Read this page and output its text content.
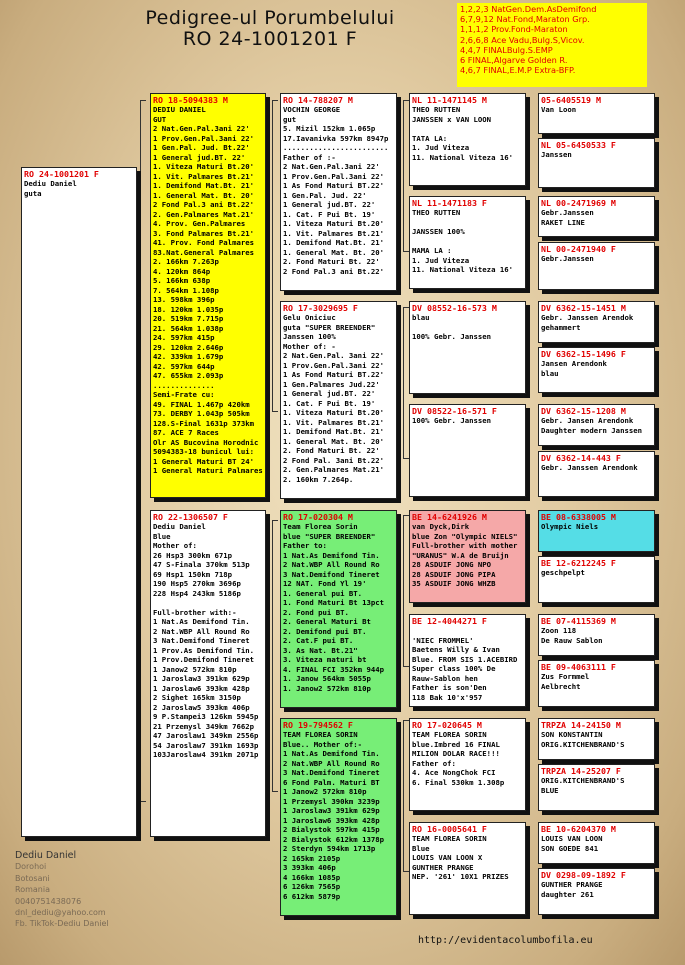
Pedigree-ul Porumbelului
RO 24-1001201 F
1,2,2,3 NatGen.Dem.AsDemifond
6,7,9,12 Nat.Fond,Maraton Grp.
1,1,1,2 Prov.Fond-Maraton
2,6,6,8 Ace Vadu,Bulg.S,Vicov.
4,4,7 FINALBulg.S.EMP
6 FINAL,Algarve Golden R.
4,6,7 FINAL,E.M.P Extra-BFP.
RO 24-1001201 F
Dediu Daniel
guta
RO 18-5094383 M
DEDIU DANIEL
GUT
2 Nat.Gen.Pal.3ani 22'
1 Prov.Gen.Pal.3ani 22'
1 Gen.Pal. Jud. Bt.22'
1 General jud.BT. 22'
1. Viteza Maturi Bt.20'
1. Vit. Palmares Bt.21'
1. Demifond Mat.Bt. 21'
1. General Mat. Bt. 20'
2 Fond Pal.3 ani Bt.22'
2. Gen.Palmares Mat.21'
4. Prov. Gen.Palmares
3. Fond Palmares Bt.21'
41. Prov. Fond Palmares
83.Nat.General Palmares
2. 166km 7.263p
4. 120km 864p
5. 166km 638p
7. 564km 1.108p
13. 598km 396p
18. 120km 1.035p
20. 519km 7.715p
21. 564km 1.038p
24. 597km 415p
29. 120km 2.646p
42. 339km 1.679p
42. 597km 644p
47. 655km 2.093p
..............
Semi-Frate cu:
49. FINAL 1.467p 420km
73. DERBY 1.043p 505km
128.S-Final 1631p 373km
87. ACE 7 Races
Olr AS Bucovina Horodnic
5094383-18 bunicul lui:
1 General Maturi BT 24'
1 General Maturi Palmares
RO 22-1306507 F
Dediu Daniel
Blue
Mother of:
26 Hsp3 300km 671p
47 S-Finala 370km 513p
69 Hsp1 150km 718p
190 Hsp5 270km 3696p
228 Hsp4 243km 5186p

Full-brother with:-
1 Nat.As Demifond Tin.
2 Nat.WBP All Round Ro
3 Nat.Demifond Tineret
1 Prov.As Demifond Tin.
1 Prov.Demifond Tineret
1 Janow2 572km 810p
1 Jaroslaw3 391km 629p
1 Jaroslaw6 393km 428p
2 Sighet 165km 3150p
2 Jaroslaw5 393km 406p
9 P.Stampei3 126km 5945p
21 Przemysl 349km 7662p
47 Jaroslaw1 349km 2556p
54 Jaroslaw7 391km 1693p
103Jaroslaw4 391km 2071p
RO 14-788207 M
VOCHIN GEORGE
gut
5. Mizil 152km 1.065p
17.Iavanivka 597km 8947p
........................
Father of :-
2 Nat.Gen.Pal.3ani 22'
1 Prov.Gen.Pal.3ani 22'
1 As Fond Maturi BT.22'
1 Gen.Pal. Jud. 22'
1 General jud.BT. 22'
1. Cat. F Pui Bt. 19'
1. Viteza Maturi Bt.20'
1. Vit. Palmares Bt.21'
1. Demifond Mat.Bt. 21'
1. General Mat. Bt. 20'
2. Fond Maturi Bt. 22'
2 Fond Pal.3 ani Bt.22'
RO 17-3029695 F
Gelu Oniciuc
guta "SUPER BREENDER"
Janssen 100%
Mother of: -
2 Nat.Gen.Pal. 3ani 22'
1 Prov.Gen.Pal.3ani 22'
1 As Fond Maturi BT.22'
1 Gen.Palmares Jud.22'
1 General jud.BT. 22'
1. Cat. F Pui Bt. 19'
1. Viteza Maturi Bt.20'
1. Vit. Palmares Bt.21'
1. Demifond Mat.Bt. 21'
1. General Mat. Bt. 20'
2. Fond Maturi Bt. 22'
2 Fond Pal. 3ani Bt.22'
2. Gen.Palmares Mat.21'
2. 160km 7.264p.
RO 17-020304 M
Team Florea Sorin
blue "SUPER BREENDER"
Father to:
1 Nat.As Demifond Tin.
2 Nat.WBP All Round Ro
3 Nat.Demifond Tineret
12 NAT. Fond Yl 19'
1. General pui BT.
1. Fond Maturi Bt 13pct
2. Fond pui BT.
2. General Maturi Bt
2. Demifond pui BT.
2. Cat.F pui BT.
3. As Nat. Bt.21"
3. Viteza maturi bt
4. FINAL FCI 352km 944p
1. Janow 564km 5055p
1. Janow2 572km 810p
RO 19-794562 F
TEAM FLOREA SORIN
Blue.. Mother of:-
1 Nat.As Demifond Tin.
2 Nat.WBP All Round Ro
3 Nat.Demifond Tineret
6 Fond Palm. Maturi BT
1 Janow2 572km 810p
1 Przemysl 390km 3239p
1 Jaroslaw3 391km 629p
1 Jaroslaw6 393km 428p
2 Bialystok 597km 415p
2 Bialystok 612km 1378p
2 Sterdyn 594km 1713p
2 165km 2105p
3 393km 406p
4 166km 1085p
6 126km 7565p
6 612km 5879p
NL 11-1471145 M
THEO RUTTEN
JANSSEN x VAN LOON

TATA LA:
1. Jud Viteza
11. National Viteza 16'
NL 11-1471183 F
THEO RUTTEN

JANSSEN 100%

MAMA LA :
1. Jud Viteza
11. National Viteza 16'
DV 08552-16-573 M
blau

100% Gebr. Janssen
DV 08522-16-571 F
100% Gebr. Janssen
BE 14-6241926 M
van Dyck,Dirk
blue Zon "Olympic NIELS"
Full-brother with mother
"URANUS" W.A de Bruijn
28 ASDUIF JONG NPO
28 ASDUIF JONG PIPA
35 ASDUIF JONG WHZB
BE 12-4044271 F

'NIEC FROMMEL'
Baetens Willy & Ivan
Blue. FROM SIS 1.ACEBIRD
Super class 100% De
Rauw-Sablon hen
Father is son'Den
118 Bak 10'x'957
RO 17-020645 M
TEAM FLOREA SORIN
blue.Imbred 16 FINAL
MILION DOLAR RACE!!!
Father of:
4. Ace NongChok FCI
6. Final 530km 1.308p
RO 16-0005641 F
TEAM FLOREA SORIN
Blue
LOUIS VAN LOON X
GUNTHER PRANGE
NEP. '261' 10X1 PRIZES
05-6405519 M
Van Loon
NL 05-6450533 F
Janssen
NL 00-2471969 M
Gebr.Janssen
RAKET LINE
NL 00-2471940 F
Gebr.Janssen
DV 6362-15-1451 M
Gebr. Janssen Arendok
gehammert
DV 6362-15-1496 F
Jansen Arendonk
blau
DV 6362-15-1208 M
Gebr. Jansen Arendonk
Daughter modern Janssen
DV 6362-14-443 F
Gebr. Janssen Arendonk
BE 08-6338005 M
Olympic Niels
BE 12-6212245 F
geschpelpt
BE 07-4115369 M
Zoon 118
De Rauw Sablon
BE 09-4063111 F
Zus Formmel
Aelbrecht
TRPZA 14-24150 M
SON KONSTANTIN
ORIG.KITCHENBRAND'S
TRPZA 14-25207 F
ORIG.KITCHENBRAND'S
BLUE
BE 10-6204370 M
LOUIS VAN LOON
SON GOEDE 841
DV 0298-09-1892 F
GUNTHER PRANGE
daughter 261
Dediu Daniel
Dorohoi
Botosani
Romania
0040751438076
dnl_dediu@yahoo.com
Fb. TikTok-Dediu Daniel
http://evidentacolumbofila.eu
